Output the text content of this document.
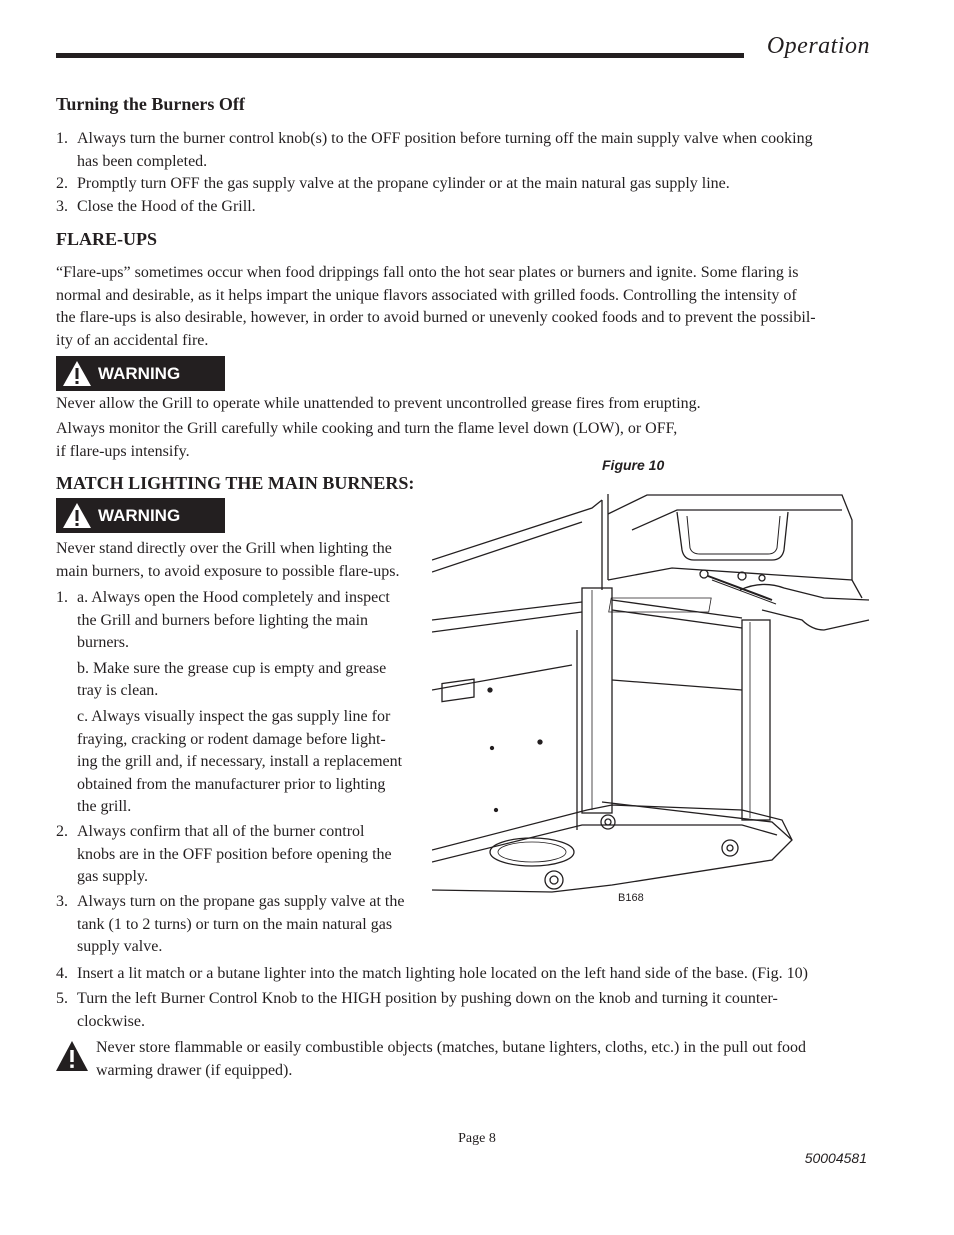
Operation
Turning the Burners Off
1. Always turn the burner control knob(s) to the OFF position before turning off the main supply valve when cooking
has been completed.
2. Promptly turn OFF the gas supply valve at the propane cylinder or at the main natural gas supply line.
3. Close the Hood of the Grill.
FLARE-UPS
“Flare-ups” sometimes occur when food drippings fall onto the hot sear plates or burners and ignite. Some flaring is
normal and desirable, as it helps impart the unique flavors associated with grilled foods. Controlling the intensity of
the flare-ups is also desirable, however, in order to avoid burned or unevenly cooked foods and to prevent the possibil-
ity of an accidental fire.
WARNING
Never allow the Grill to operate while unattended to prevent uncontrolled grease fires from erupting.
Always monitor the Grill carefully while cooking and turn the flame level down (LOW), or OFF,
if flare-ups intensify.
Figure 10
MATCH LIGHTING THE MAIN BURNERS:
WARNING
Never stand directly over the Grill when lighting the
main burners, to avoid exposure to possible flare-ups.
1. a. Always open the Hood completely and inspect
the Grill and burners before lighting the main
burners.
b. Make sure the grease cup is empty and grease
tray is clean.
c. Always visually inspect the gas supply line for
fraying, cracking or rodent damage before light-
ing the grill and, if necessary, install a replacement
obtained from the manufacturer prior to lighting
the grill.
2. Always confirm that all of the burner control
knobs are in the OFF position before opening the
gas supply.
3. Always turn on the propane gas supply valve at the
tank (1 to 2 turns) or turn on the main natural gas
supply valve.
4. Insert a lit match or a butane lighter into the match lighting hole located on the left hand side of the base. (Fig. 10)
5. Turn the left Burner Control Knob to the HIGH position by pushing down on the knob and turning it counter-
clockwise.
Never store flammable or easily combustible objects (matches, butane lighters, cloths, etc.) in the pull out food
warming drawer (if equipped).
B168
Page 8
50004581
